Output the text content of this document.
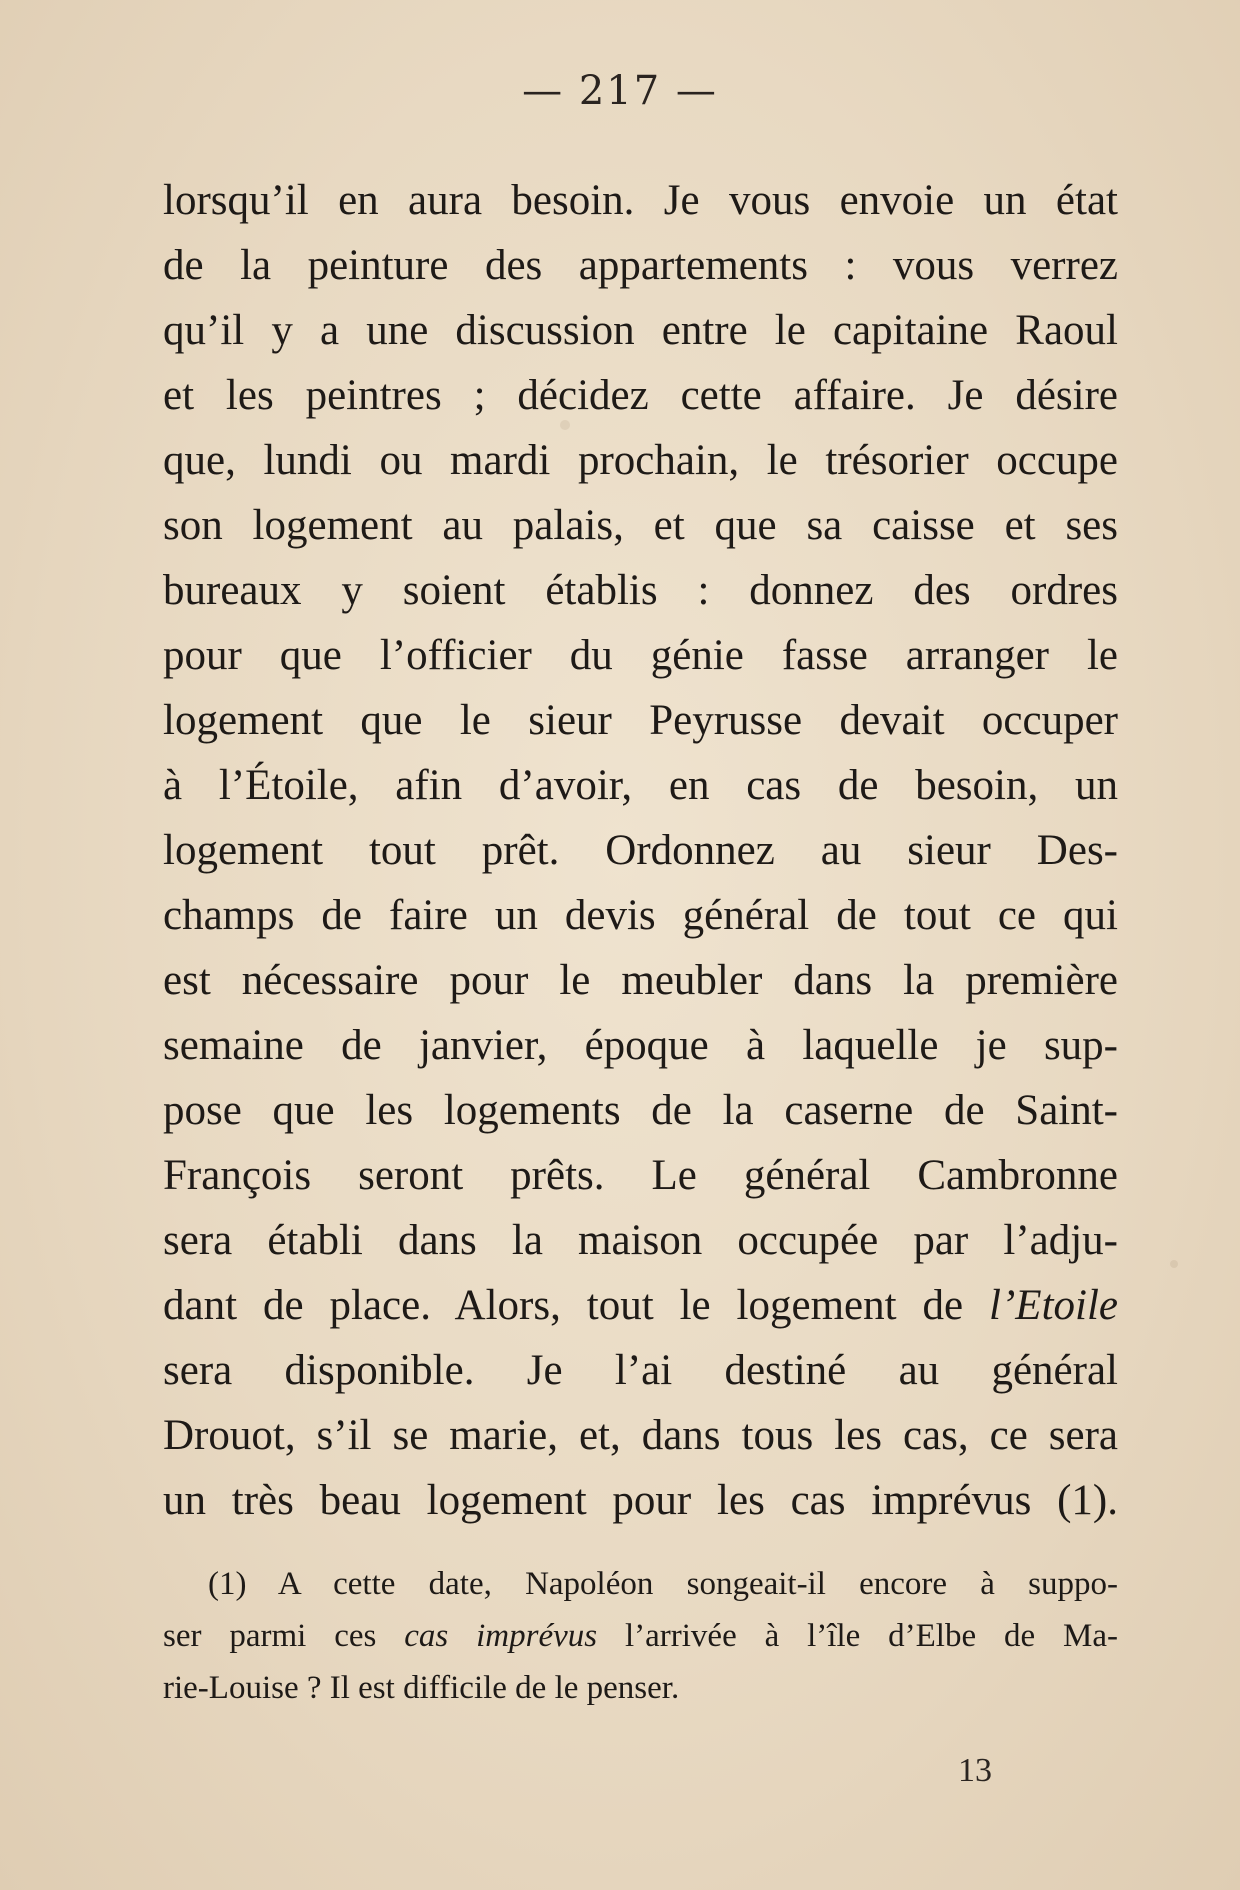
— 217 —
lorsqu’il en aura besoin. Je vous envoie un état
de la peinture des appartements : vous verrez
qu’il y a une discussion entre le capitaine Raoul
et les peintres ; décidez cette affaire. Je désire
que, lundi ou mardi prochain, le trésorier occupe
son logement au palais, et que sa caisse et ses
bureaux y soient établis : donnez des ordres
pour que l’officier du génie fasse arranger le
logement que le sieur Peyrusse devait occuper
à l’Étoile, afin d’avoir, en cas de besoin, un
logement tout prêt. Ordonnez au sieur Des-
champs de faire un devis général de tout ce qui
est nécessaire pour le meubler dans la première
semaine de janvier, époque à laquelle je sup-
pose que les logements de la caserne de Saint-
François seront prêts. Le général Cambronne
sera établi dans la maison occupée par l’adju-
dant de place. Alors, tout le logement de l’Etoile
sera disponible. Je l’ai destiné au général
Drouot, s’il se marie, et, dans tous les cas, ce sera
un très beau logement pour les cas imprévus (1).
(1) A cette date, Napoléon songeait-il encore à suppo-
ser parmi ces cas imprévus l’arrivée à l’île d’Elbe de Ma-
rie-Louise ? Il est difficile de le penser.
13
